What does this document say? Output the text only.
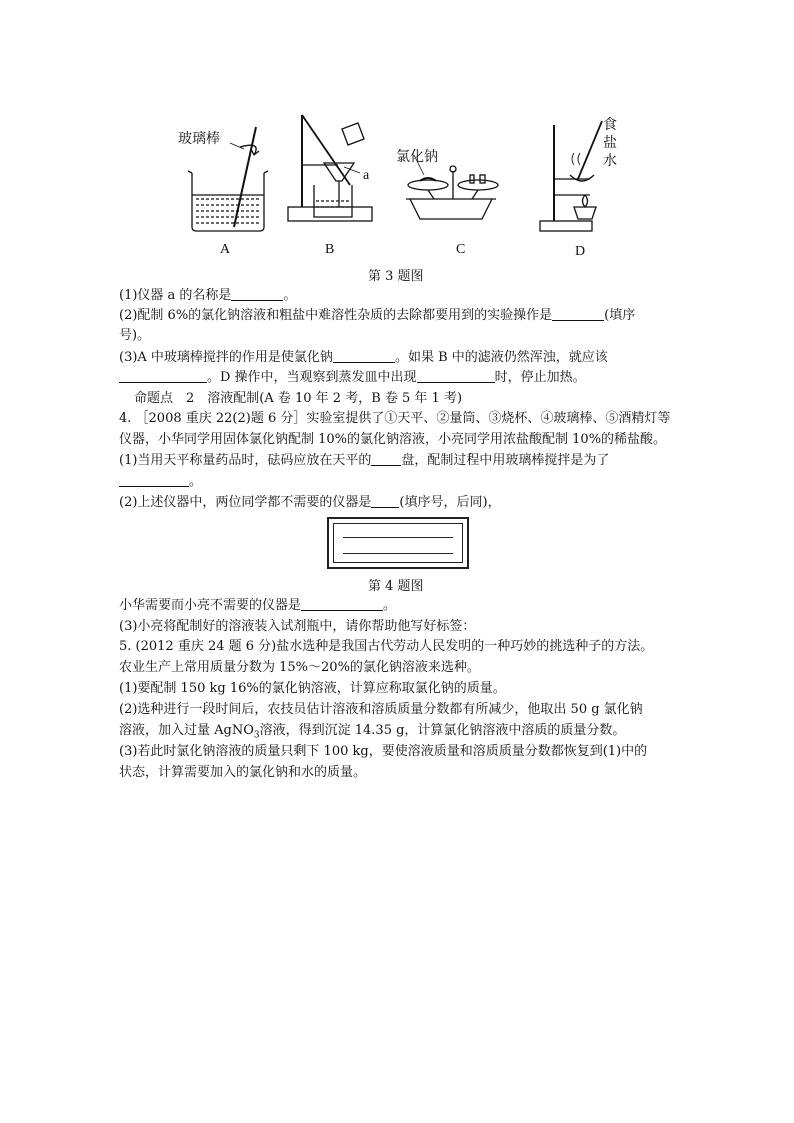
玻璃棒
a
氯化钠
食
盐
水
A	B	C	D
第 3 题图
(1)仪器 a 的名称是	。
(2)配制 6%的氯化钠溶液和粗盐中难溶性杂质的去除都要用到的实验操作是	(填序
号)。
(3)A 中玻璃棒搅拌的作用是使氯化钠	。如果 B 中的滤液仍然浑浊，就应该
。D 操作中，当观察到蒸发皿中出现	时，停止加热。
命题点　2　溶液配制(A 卷 10 年 2 考，B 卷 5 年 1 考)
4. ［2008 重庆 22(2)题 6 分］实验室提供了①天平、②量筒、③烧杯、④玻璃棒、⑤酒精灯等
仪器，小华同学用固体氯化钠配制 10%的氯化钠溶液，小亮同学用浓盐酸配制 10%的稀盐酸。
(1)当用天平称量药品时，砝码应放在天平的 盘，配制过程中用玻璃棒搅拌是为了
。
(2)上述仪器中，两位同学都不需要的仪器是 (填序号，后同)，
第 4 题图
小华需要而小亮不需要的仪器是	。
(3)小亮将配制好的溶液装入试剂瓶中，请你帮助他写好标签：
5. (2012 重庆 24 题 6 分)盐水选种是我国古代劳动人民发明的一种巧妙的挑选种子的方法。
农业生产上常用质量分数为 15%～20%的氯化钠溶液来选种。
(1)要配制 150 kg 16%的氯化钠溶液，计算应称取氯化钠的质量。
(2)选种进行一段时间后，农技员估计溶液和溶质质量分数都有所减少，他取出 50 g 氯化钠
溶液，加入过量 AgNO$_3$溶液，得到沉淀 14.35 g，计算氯化钠溶液中溶质的质量分数。
(3)若此时氯化钠溶液的质量只剩下 100 kg，要使溶液质量和溶质质量分数都恢复到(1)中的
状态，计算需要加入的氯化钠和水的质量。
